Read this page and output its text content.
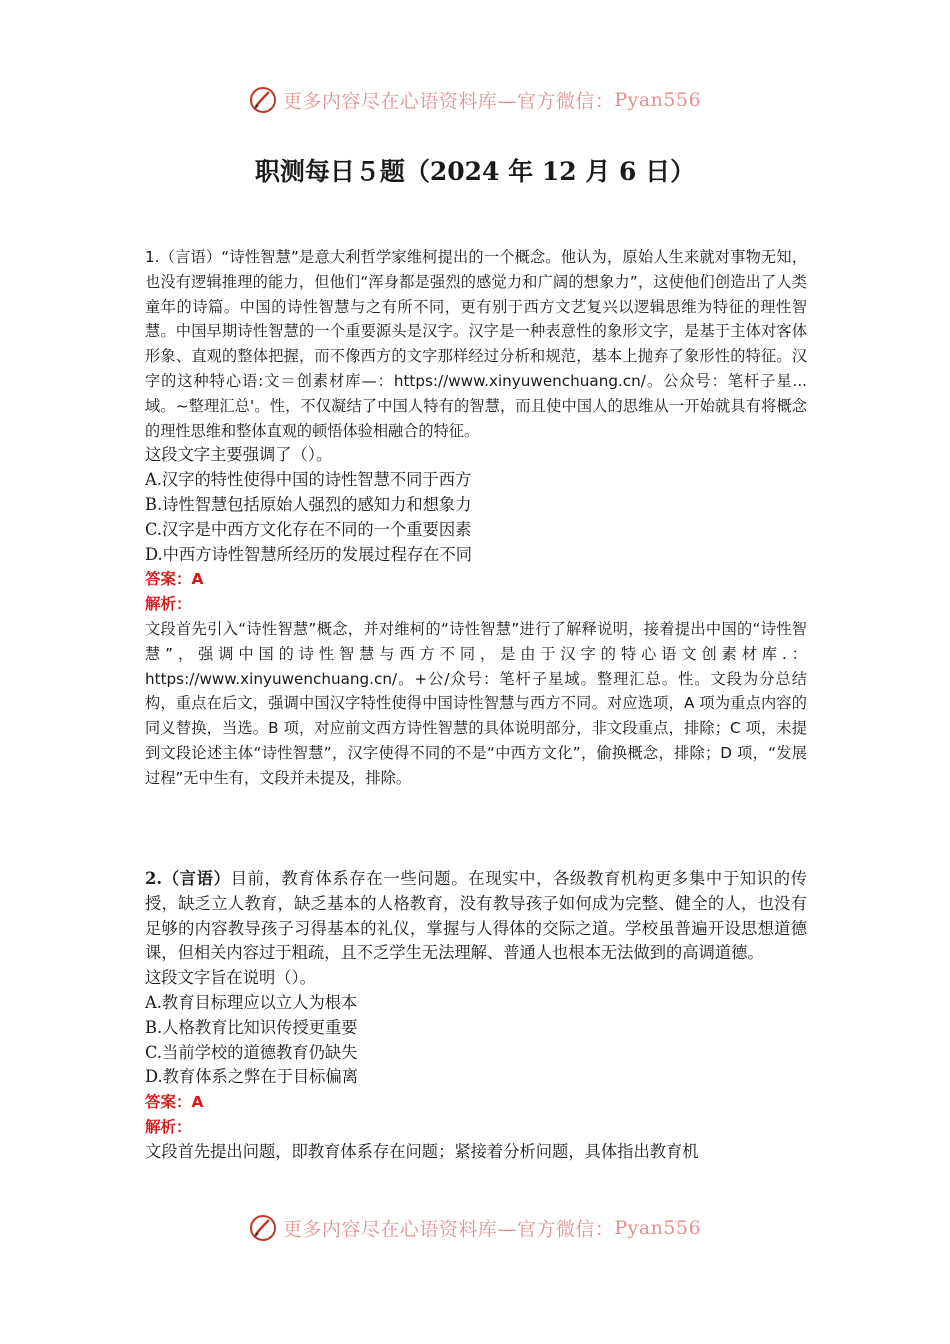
更多内容尽在心语资料库—官方微信：Pyan556
职测每日５题（2024 年 12 月 6 日）
1.（言语）“诗性智慧”是意大利哲学家维柯提出的一个概念。他认为，原始人生来就对事物无知，也没有逻辑推理的能力，但他们“浑身都是强烈的感觉力和广阔的想象力”，这使他们创造出了人类童年的诗篇。中国的诗性智慧与之有所不同，更有别于西方文艺复兴以逻辑思维为特征的理性智慧。中国早期诗性智慧的一个重要源头是汉字。汉字是一种表意性的象形文字，是基于主体对客体形象、直观的整体把握，而不像西方的文字那样经过分析和规范，基本上抛弃了象形性的特征。汉字的这种特心语:文＝创素材库—：https://www.xinyuwenchuang.cn/。公众号：笔杆子星...域。~整理汇总'。性，不仅凝结了中国人特有的智慧，而且使中国人的思维从一开始就具有将概念的理性思维和整体直观的顿悟体验相融合的特征。
这段文字主要强调了（）。
A.汉字的特性使得中国的诗性智慧不同于西方
B.诗性智慧包括原始人强烈的感知力和想象力
C.汉字是中西方文化存在不同的一个重要因素
D.中西方诗性智慧所经历的发展过程存在不同
答案：A
解析：
文段首先引入“诗性智慧”概念，并对维柯的“诗性智慧”进行了解释说明，接着提出中国的“诗性智慧”，强调中国的诗性智慧与西方不同，是由于汉字的特心语文创素材库.：https://www.xinyuwenchuang.cn/。+公/众号：笔杆子星域。整理汇总。性。文段为分总结构，重点在后文，强调中国汉字特性使得中国诗性智慧与西方不同。对应选项，A 项为重点内容的同义替换，当选。B 项，对应前文西方诗性智慧的具体说明部分，非文段重点，排除；C 项，未提到文段论述主体“诗性智慧”，汉字使得不同的不是“中西方文化”，偷换概念，排除；D 项，“发展过程”无中生有，文段并未提及，排除。
2.（言语）目前，教育体系存在一些问题。在现实中，各级教育机构更多集中于知识的传授，缺乏立人教育，缺乏基本的人格教育，没有教导孩子如何成为完整、健全的人，也没有足够的内容教导孩子习得基本的礼仪，掌握与人得体的交际之道。学校虽普遍开设思想道德课，但相关内容过于粗疏，且不乏学生无法理解、普通人也根本无法做到的高调道德。
这段文字旨在说明（）。
A.教育目标理应以立人为根本
B.人格教育比知识传授更重要
C.当前学校的道德教育仍缺失
D.教育体系之弊在于目标偏离
答案：A
解析：
文段首先提出问题，即教育体系存在问题；紧接着分析问题，具体指出教育机
更多内容尽在心语资料库—官方微信：Pyan556
